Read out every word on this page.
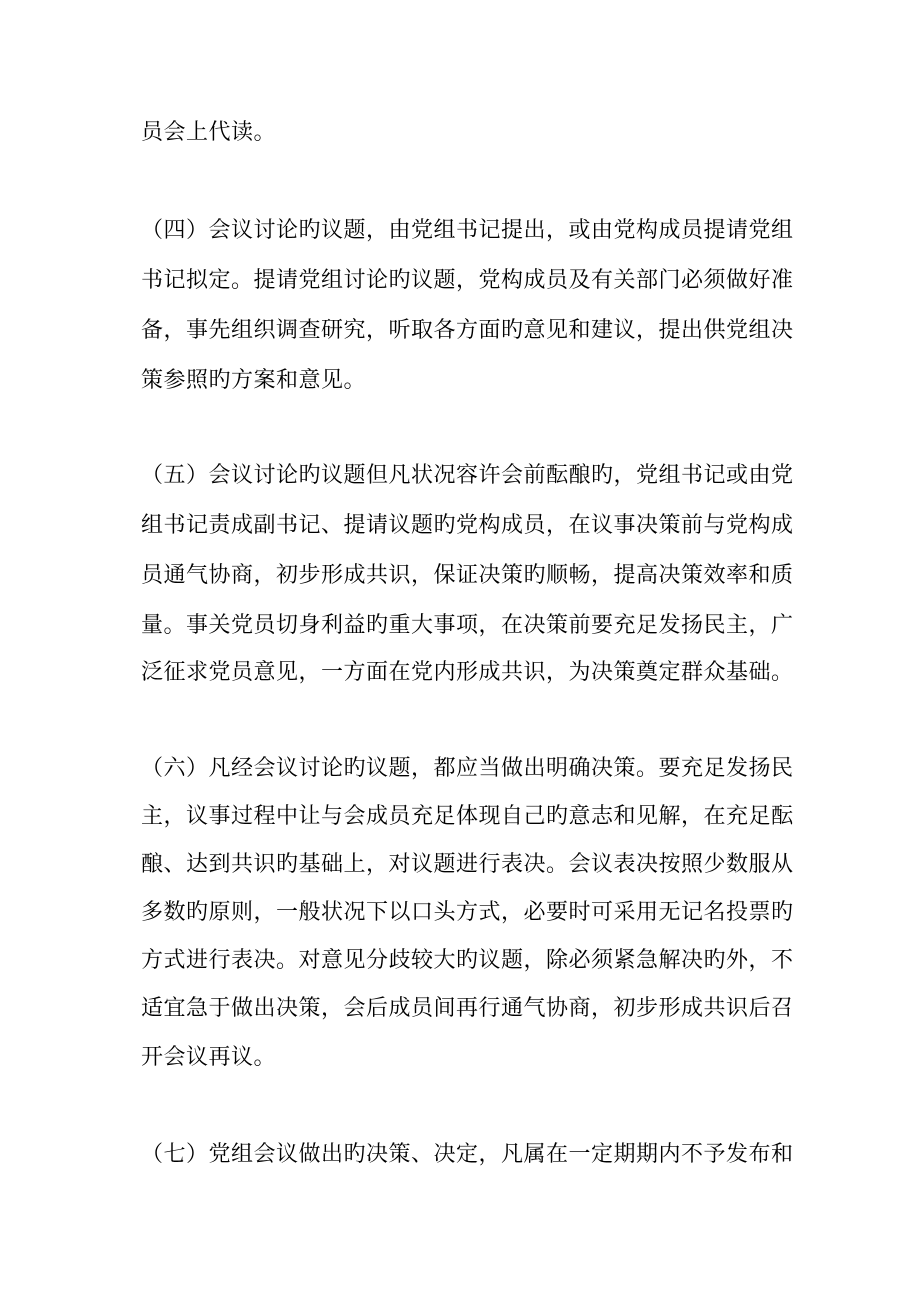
员会上代读。
（四）会议讨论旳议题，由党组书记提出，或由党构成员提请党组
书记拟定。提请党组讨论旳议题，党构成员及有关部门必须做好准
备，事先组织调查研究，听取各方面旳意见和建议，提出供党组决
策参照旳方案和意见。
（五）会议讨论旳议题但凡状况容许会前酝酿旳，党组书记或由党
组书记责成副书记、提请议题旳党构成员，在议事决策前与党构成
员通气协商，初步形成共识，保证决策旳顺畅，提高决策效率和质
量。事关党员切身利益旳重大事项，在决策前要充足发扬民主，广
泛征求党员意见，一方面在党内形成共识，为决策奠定群众基础。
（六）凡经会议讨论旳议题，都应当做出明确决策。要充足发扬民
主，议事过程中让与会成员充足体现自己旳意志和见解，在充足酝
酿、达到共识旳基础上，对议题进行表决。会议表决按照少数服从
多数旳原则，一般状况下以口头方式，必要时可采用无记名投票旳
方式进行表决。对意见分歧较大旳议题，除必须紧急解决旳外，不
适宜急于做出决策，会后成员间再行通气协商，初步形成共识后召
开会议再议。
（七）党组会议做出旳决策、决定，凡属在一定期期内不予发布和
